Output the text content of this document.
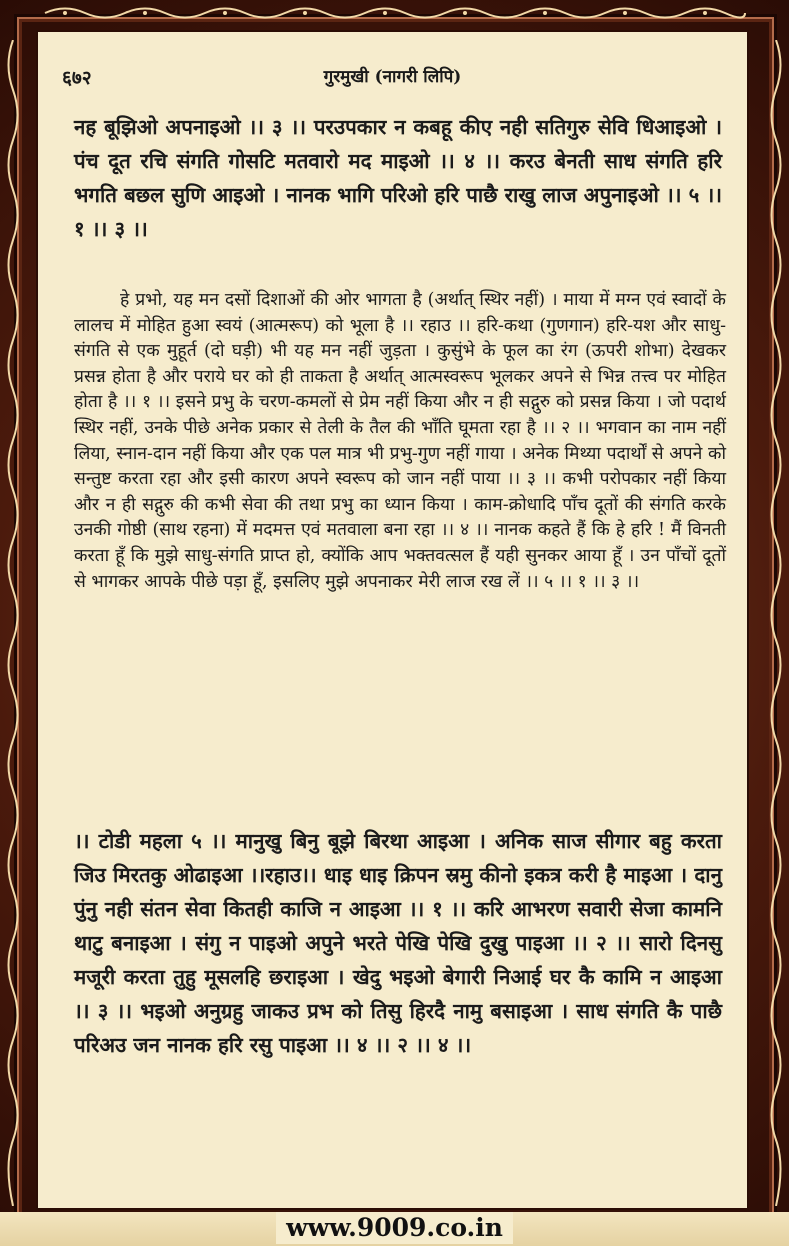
गुरमुखी (नागरी लिपि)
६७२

नह बूझिओ अपनाइओ ।। ३ ।। परउपकार न कबहू कीए नही सतिगुरु सेवि धिआइओ । पंच दूत रचि संगति गोसटि मतवारो मद माइओ ।। ४ ।। करउ बेनती साध संगति हरि भगति बछल सुणि आइओ । नानक भागि परिओ हरि पाछै राखु लाज अपुनाइओ ।। ५ ।। १ ।। ३ ।।

हे प्रभो, यह मन दसों दिशाओं की ओर भागता है (अर्थात् स्थिर नहीं) । माया में मग्न एवं स्वादों के लालच में मोहित हुआ स्वयं (आत्मरूप) को भूला है ।। रहाउ ।। हरि-कथा (गुणगान) हरि-यश और साधु-संगति से एक मुहूर्त (दो घड़ी) भी यह मन नहीं जुड़ता । कुसुंभे के फूल का रंग (ऊपरी शोभा) देखकर प्रसन्न होता है और पराये घर को ही ताकता है अर्थात् आत्मस्वरूप भूलकर अपने से भिन्न तत्त्व पर मोहित होता है ।। १ ।। इसने प्रभु के चरण-कमलों से प्रेम नहीं किया और न ही सद्गुरु को प्रसन्न किया । जो पदार्थ स्थिर नहीं, उनके पीछे अनेक प्रकार से तेली के तैल की भाँति घूमता रहा है ।। २ ।। भगवान का नाम नहीं लिया, स्नान-दान नहीं किया और एक पल मात्र भी प्रभु-गुण नहीं गाया । अनेक मिथ्या पदार्थों से अपने को सन्तुष्ट करता रहा और इसी कारण अपने स्वरूप को जान नहीं पाया ।। ३ ।। कभी परोपकार नहीं किया और न ही सद्गुरु की कभी सेवा की तथा प्रभु का ध्यान किया । काम-क्रोधादि पाँच दूतों की संगति करके उनकी गोष्ठी (साथ रहना) में मदमत्त एवं मतवाला बना रहा ।। ४ ।। नानक कहते हैं कि हे हरि ! मैं विनती करता हूँ कि मुझे साधु-संगति प्राप्त हो, क्योंकि आप भक्तवत्सल हैं यही सुनकर आया हूँ । उन पाँचों दूतों से भागकर आपके पीछे पड़ा हूँ, इसलिए मुझे अपनाकर मेरी लाज रख लें ।। ५ ।। १ ।। ३ ।।

।। टोडी महला ५ ।। मानुखु बिनु बूझे बिरथा आइआ । अनिक साज सीगार बहु करता जिउ मिरतकु ओढाइआ ।।रहाउ।। धाइ धाइ क्रिपन स्रमु कीनो इकत्र करी है माइआ । दानु पुंनु नही संतन सेवा कितही काजि न आइआ ।। १ ।। करि आभरण सवारी सेजा कामनि थाटु बनाइआ । संगु न पाइओ अपुने भरते पेखि पेखि दुखु पाइआ ।। २ ।। सारो दिनसु मजूरी करता तुहु मूसलहि छराइआ । खेदु भइओ बेगारी निआई घर कै कामि न आइआ ।। ३ ।। भइओ अनुग्रहु जाकउ प्रभ को तिसु हिरदै नामु बसाइआ । साध संगति कै पाछै परिअउ जन नानक हरि रसु पाइआ ।। ४ ।। २ ।। ४ ।।

www.9009.co.in
